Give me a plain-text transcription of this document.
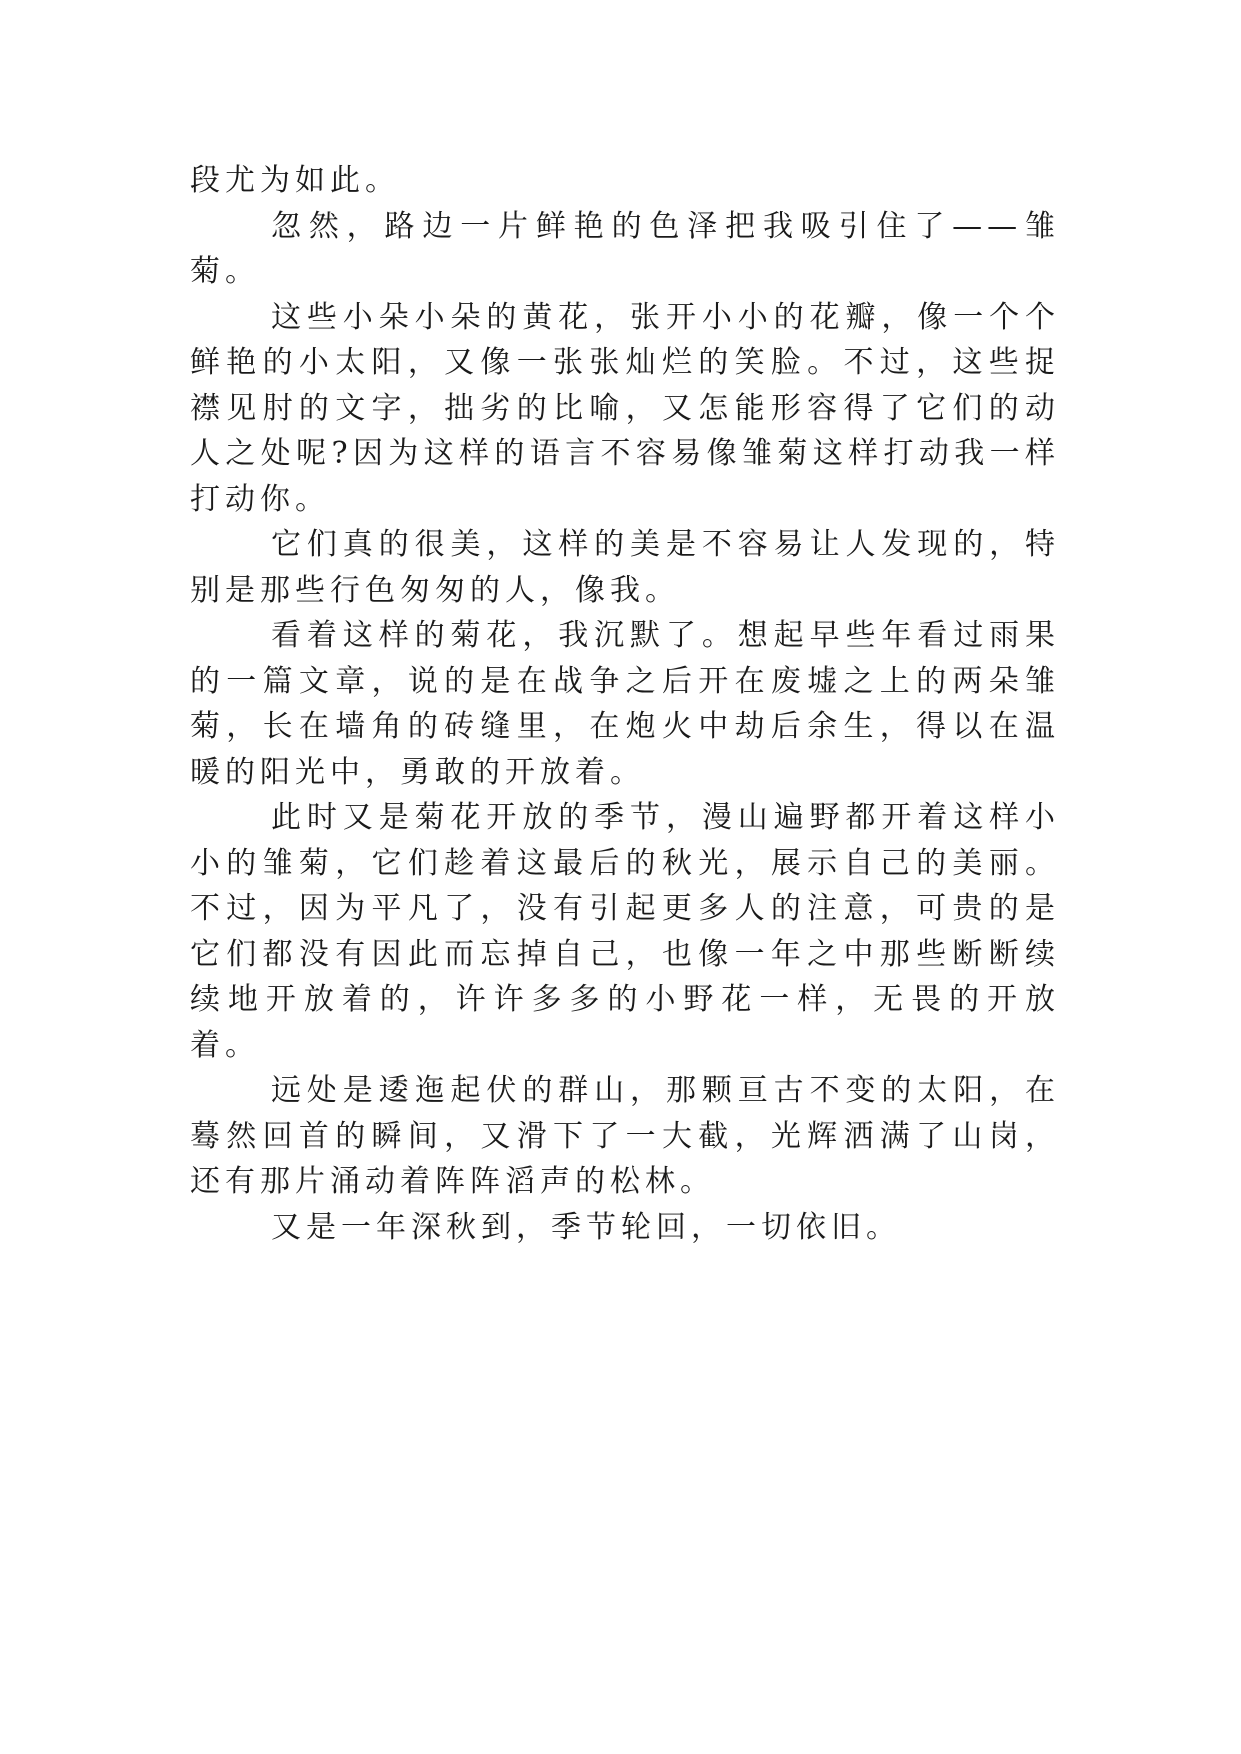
段尤为如此。

忽然，路边一片鲜艳的色泽把我吸引住了——雏菊。

这些小朵小朵的黄花，张开小小的花瓣，像一个个鲜艳的小太阳，又像一张张灿烂的笑脸。不过，这些捉襟见肘的文字，拙劣的比喻，又怎能形容得了它们的动人之处呢?因为这样的语言不容易像雏菊这样打动我一样打动你。

它们真的很美，这样的美是不容易让人发现的，特别是那些行色匆匆的人，像我。

看着这样的菊花，我沉默了。想起早些年看过雨果的一篇文章，说的是在战争之后开在废墟之上的两朵雏菊，长在墙角的砖缝里，在炮火中劫后余生，得以在温暖的阳光中，勇敢的开放着。

此时又是菊花开放的季节，漫山遍野都开着这样小小的雏菊，它们趁着这最后的秋光，展示自己的美丽。不过，因为平凡了，没有引起更多人的注意，可贵的是它们都没有因此而忘掉自己，也像一年之中那些断断续续地开放着的，许许多多的小野花一样，无畏的开放着。

远处是逶迤起伏的群山，那颗亘古不变的太阳，在蓦然回首的瞬间，又滑下了一大截，光辉洒满了山岗，还有那片涌动着阵阵滔声的松林。

又是一年深秋到，季节轮回，一切依旧。
